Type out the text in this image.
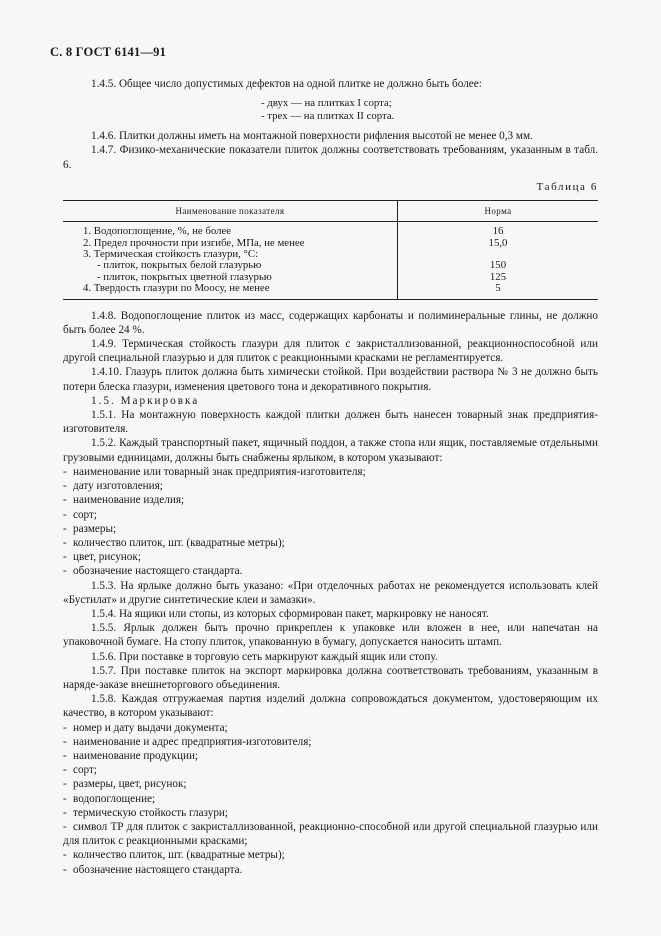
С. 8 ГОСТ 6141—91

1.4.5. Общее число допустимых дефектов на одной плитке не должно быть более:

- двух — на плитках I сорта;
- трех — на плитках II сорта.

1.4.6. Плитки должны иметь на монтажной поверхности рифления высотой не менее 0,3 мм.

1.4.7. Физико-механические показатели плиток должны соответствовать требованиям, указанным в табл. 6.

Таблица 6
Наименование показателя	Норма
1. Водопоглощение, %, не более	16
2. Предел прочности при изгибе, МПа, не менее	15,0
3. Термическая стойкость глазури, °С:	
- плиток, покрытых белой глазурью	150
- плиток, покрытых цветной глазурью	125
4. Твердость глазури по Моосу, не менее	5

1.4.8. Водопоглощение плиток из масс, содержащих карбонаты и полиминеральные глины, не должно быть более 24 %.

1.4.9. Термическая стойкость глазури для плиток с закристаллизованной, реакционноспособной или другой специальной глазурью и для плиток с реакционными красками не регламентируется.

1.4.10. Глазурь плиток должна быть химически стойкой. При воздействии раствора № 3 не должно быть потери блеска глазури, изменения цветового тона и декоративного покрытия.

1.5. Маркировка

1.5.1. На монтажную поверхность каждой плитки должен быть нанесен товарный знак предприятия-изготовителя.

1.5.2. Каждый транспортный пакет, ящичный поддон, а также стопа или ящик, поставляемые отдельными грузовыми единицами, должны быть снабжены ярлыком, в котором указывают:

- наименование или товарный знак предприятия-изготовителя;

- дату изготовления;

- наименование изделия;

- сорт;

- размеры;

- количество плиток, шт. (квадратные метры);

- цвет, рисунок;

- обозначение настоящего стандарта.

1.5.3. На ярлыке должно быть указано: «При отделочных работах не рекомендуется использовать клей «Бустилат» и другие синтетические клеи и замазки».

1.5.4. На ящики или стопы, из которых сформирован пакет, маркировку не наносят.

1.5.5. Ярлык должен быть прочно прикреплен к упаковке или вложен в нее, или напечатан на упаковочной бумаге. На стопу плиток, упакованную в бумагу, допускается наносить штамп.

1.5.6. При поставке в торговую сеть маркируют каждый ящик или стопу.

1.5.7. При поставке плиток на экспорт маркировка должна соответствовать требованиям, указанным в наряде-заказе внешнеторгового объединения.

1.5.8. Каждая отгружаемая партия изделий должна сопровождаться документом, удостоверяющим их качество, в котором указывают:

- номер и дату выдачи документа;

- наименование и адрес предприятия-изготовителя;

- наименование продукции;

- сорт;

- размеры, цвет, рисунок;

- водопоглощение;

- термическую стойкость глазури;

- символ ТР для плиток с закристаллизованной, реакционно-способной или другой специальной глазурью или для плиток с реакционными красками;

- количество плиток, шт. (квадратные метры);

- обозначение настоящего стандарта.
